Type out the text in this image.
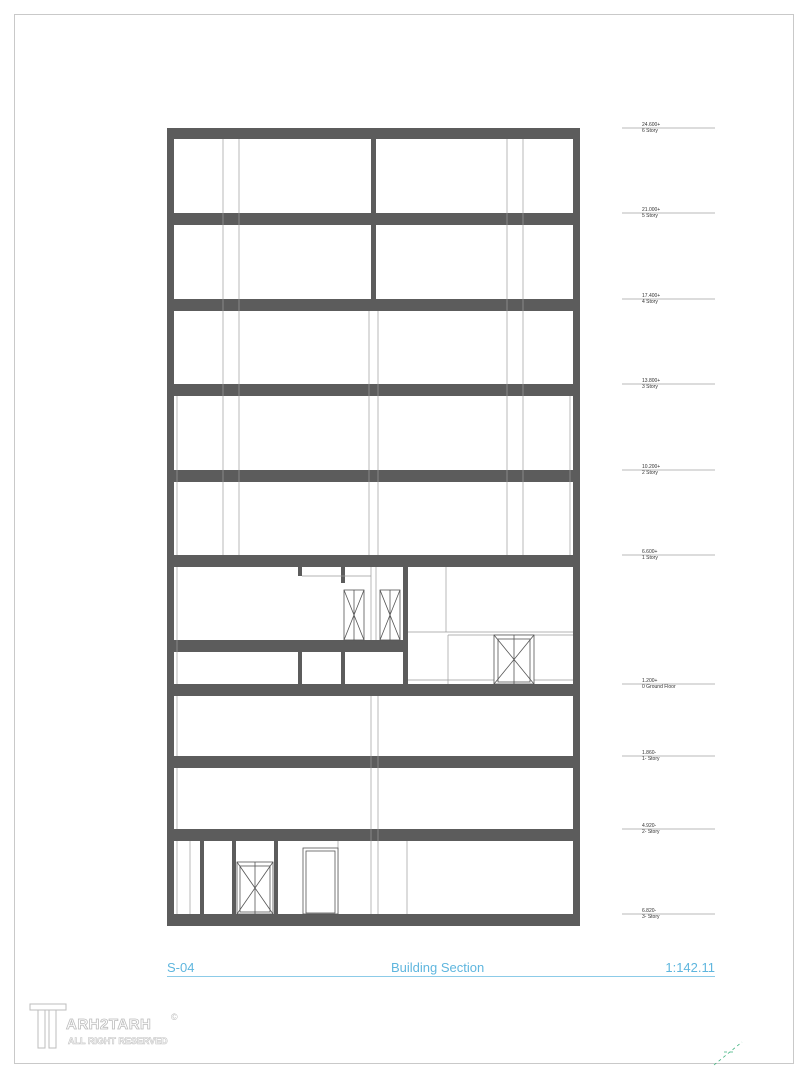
24.600+
6 Story
21.000+
5 Story
17.400+
4 Story
13.800+
3 Story
10.200+
2 Story
6.600+
1 Story
1.200+
0 Ground Floor
1.860-
1- Story
4.920-
2- Story
6.820-
3- Story
S-04	Building Section	1:142.11
ARH2TARH ©
ALL RIGHT RESERVED
